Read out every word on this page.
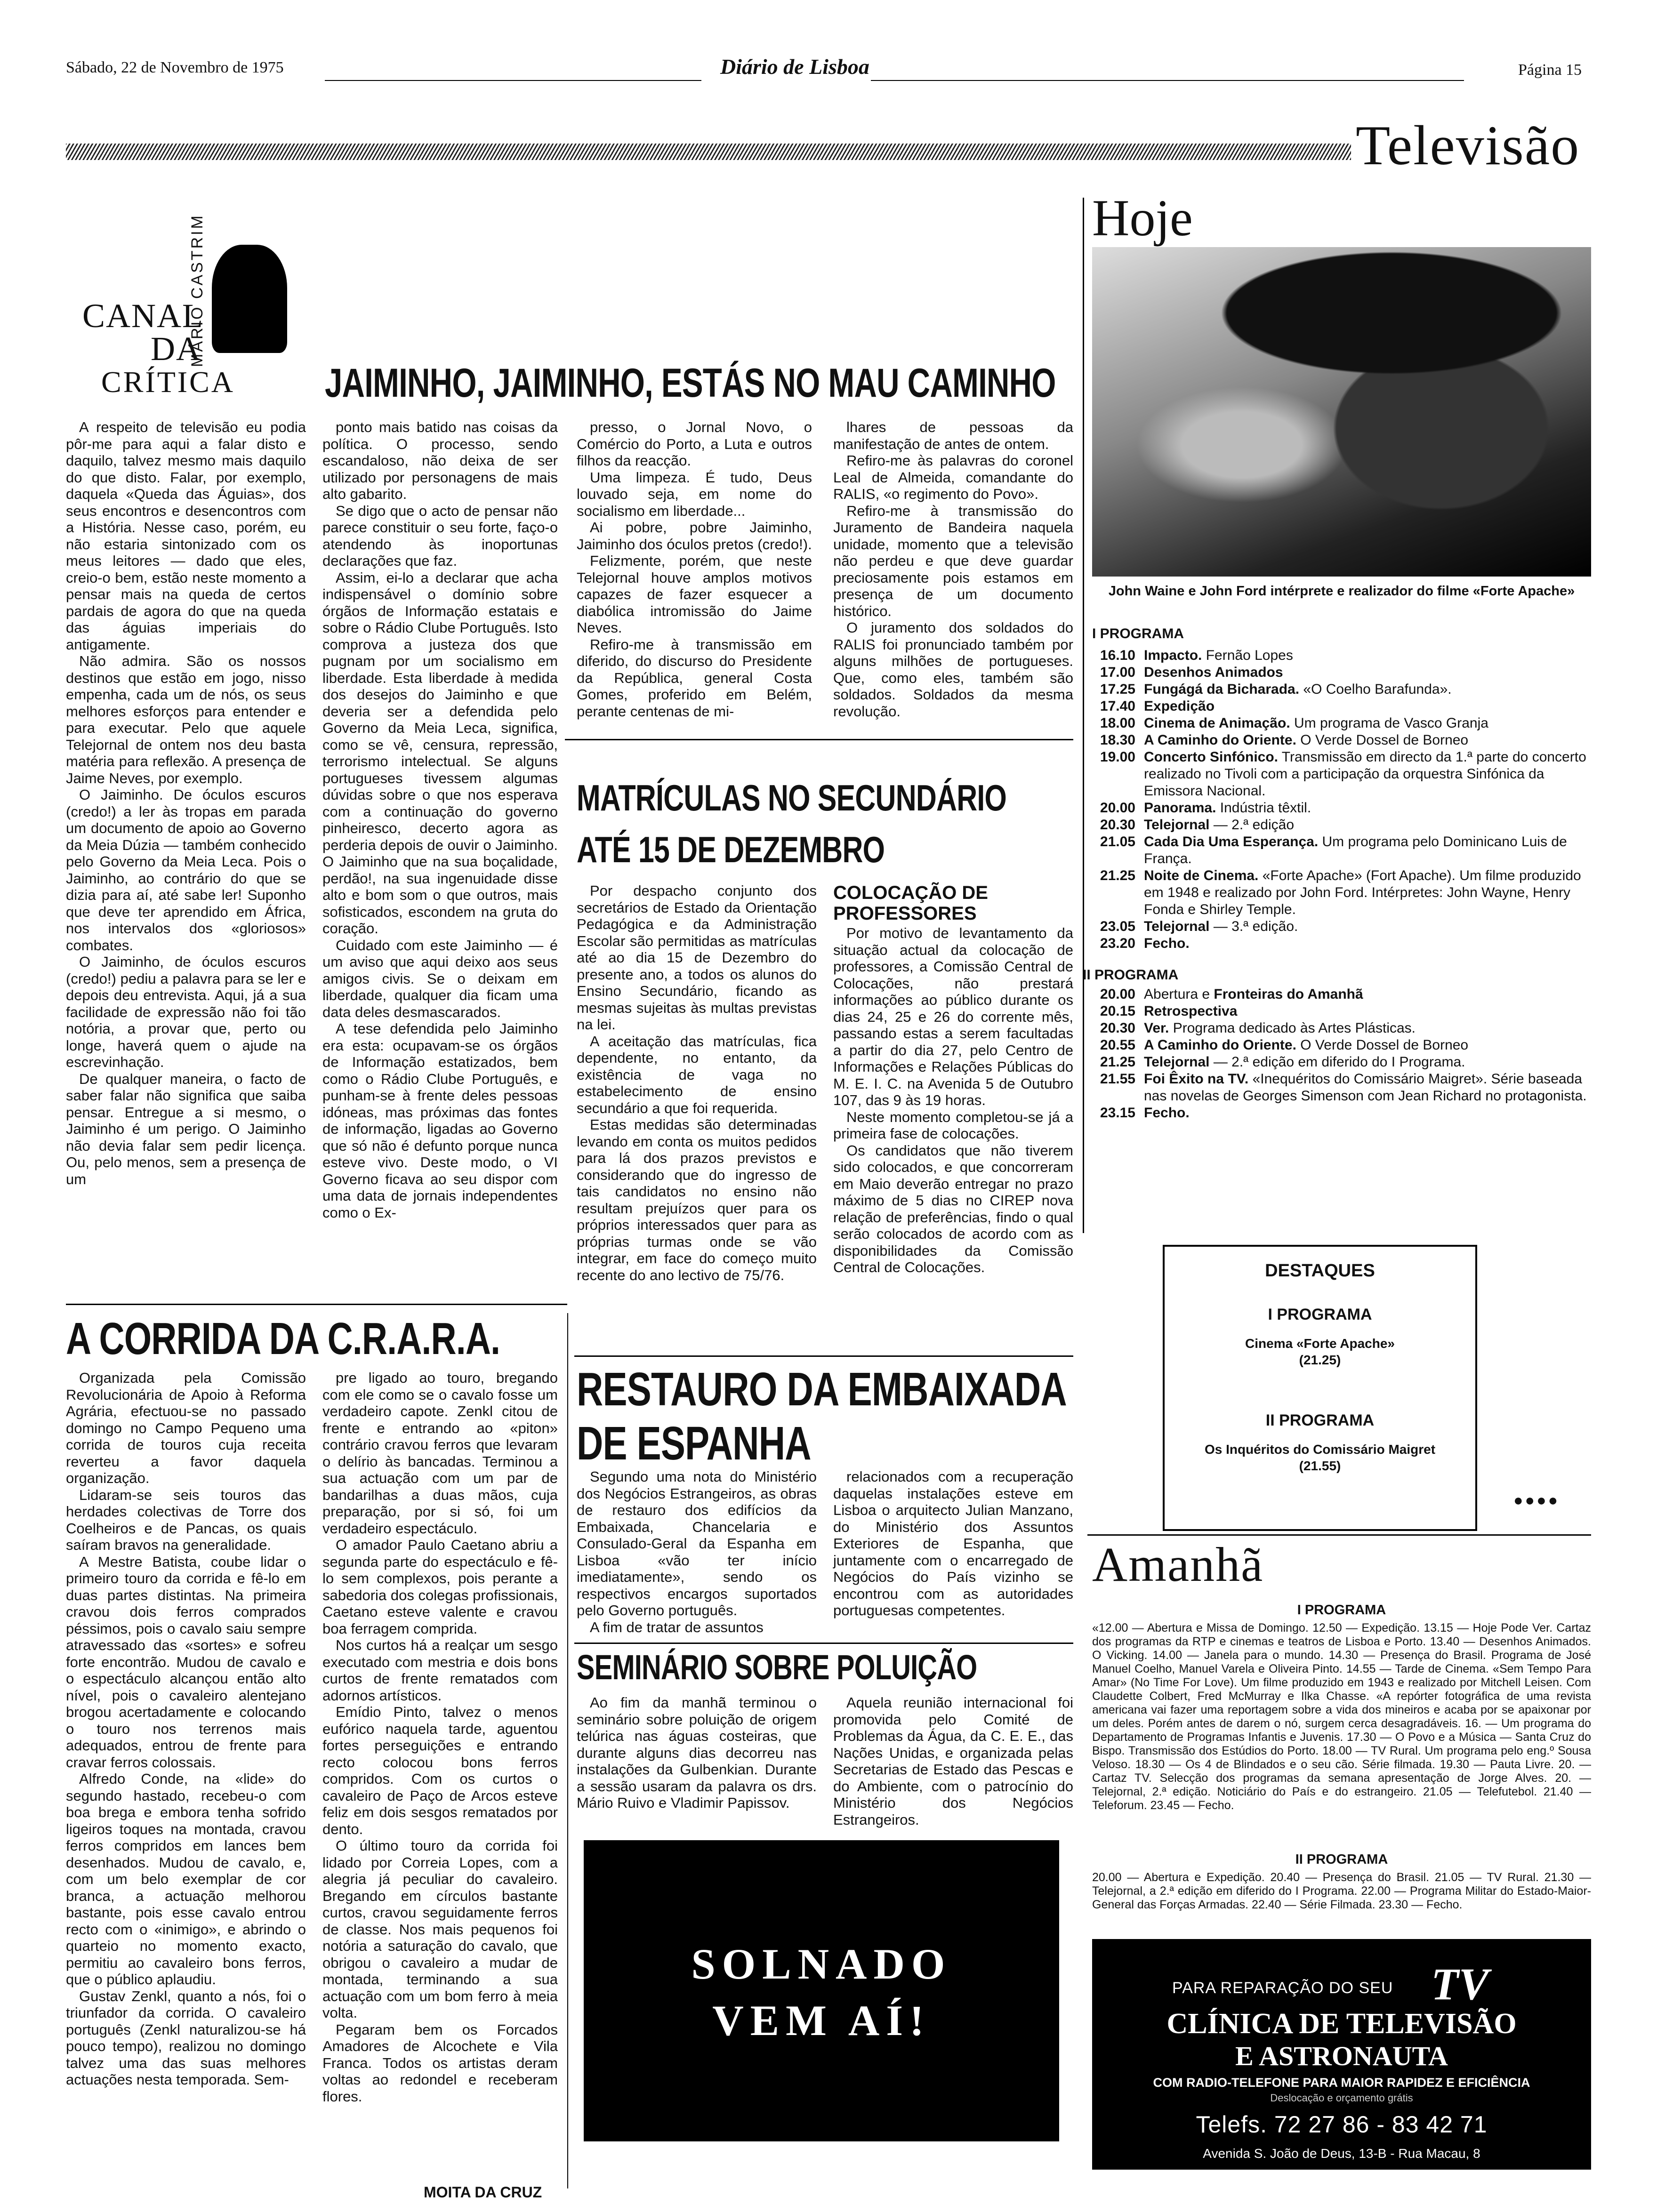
Sábado, 22 de Novembro de 1975	Diário de Lisboa	Página 15
Televisão
MÁRIO CASTRIM
CANAL
DA
CRÍTICA JAIMINHO, JAIMINHO, ESTÁS NO MAU CAMINHO

A respeito de televisão eu podia pôr-me para aqui a falar disto e daquilo, talvez mesmo mais daquilo do que disto. Falar, por exemplo, daquela «Queda das Águias», dos seus encontros e desencontros com a História. Nesse caso, porém, eu não estaria sintonizado com os meus leitores — dado que eles, creio-o bem, estão neste momento a pensar mais na queda de certos pardais de agora do que na queda das águias imperiais do antigamente.

Não admira. São os nossos destinos que estão em jogo, nisso empenha, cada um de nós, os seus melhores esforços para entender e para executar. Pelo que aquele Telejornal de ontem nos deu basta matéria para reflexão. A presença de Jaime Neves, por exemplo.

O Jaiminho. De óculos escuros (credo!) a ler às tropas em parada um documento de apoio ao Governo da Meia Dúzia — também conhecido pelo Governo da Meia Leca. Pois o Jaiminho, ao contrário do que se dizia para aí, até sabe ler! Suponho que deve ter aprendido em África, nos intervalos dos «gloriosos» combates.

O Jaiminho, de óculos escuros (credo!) pediu a palavra para se ler e depois deu entrevista. Aqui, já a sua facilidade de expressão não foi tão notória, a provar que, perto ou longe, haverá quem o ajude na escrevinhação.

De qualquer maneira, o facto de saber falar não significa que saiba pensar. Entregue a si mesmo, o Jaiminho é um perigo. O Jaiminho não devia falar sem pedir licença. Ou, pelo menos, sem a presença de um

ponto mais batido nas coisas da política. O processo, sendo escandaloso, não deixa de ser utilizado por personagens de mais alto gabarito.

Se digo que o acto de pensar não parece constituir o seu forte, faço-o atendendo às inoportunas declarações que faz.

Assim, ei-lo a declarar que acha indispensável o domínio sobre órgãos de Informação estatais e sobre o Rádio Clube Português. Isto comprova a justeza dos que pugnam por um socialismo em liberdade. Esta liberdade à medida dos desejos do Jaiminho e que deveria ser a defendida pelo Governo da Meia Leca, significa, como se vê, censura, repressão, terrorismo intelectual. Se alguns portugueses tivessem algumas dúvidas sobre o que nos esperava com a continuação do governo pinheiresco, decerto agora as perderia depois de ouvir o Jaiminho. O Jaiminho que na sua boçalidade, perdão!, na sua ingenuidade disse alto e bom som o que outros, mais sofisticados, escondem na gruta do coração.

Cuidado com este Jaiminho — é um aviso que aqui deixo aos seus amigos civis. Se o deixam em liberdade, qualquer dia ficam uma data deles desmascarados.

A tese defendida pelo Jaiminho era esta: ocupavam-se os órgãos de Informação estatizados, bem como o Rádio Clube Português, e punham-se à frente deles pessoas idóneas, mas próximas das fontes de informação, ligadas ao Governo que só não é defunto porque nunca esteve vivo. Deste modo, o VI Governo ficava ao seu dispor com uma data de jornais independentes como o Ex-

presso, o Jornal Novo, o Comércio do Porto, a Luta e outros filhos da reacção.

Uma limpeza. É tudo, Deus louvado seja, em nome do socialismo em liberdade...

Ai pobre, pobre Jaiminho, Jaiminho dos óculos pretos (credo!).

Felizmente, porém, que neste Telejornal houve amplos motivos capazes de fazer esquecer a diabólica intromissão do Jaime Neves.

Refiro-me à transmissão em diferido, do discurso do Presidente da República, general Costa Gomes, proferido em Belém, perante centenas de mi-

lhares de pessoas da manifestação de antes de ontem.

Refiro-me às palavras do coronel Leal de Almeida, comandante do RALIS, «o regimento do Povo».

Refiro-me à transmissão do Juramento de Bandeira naquela unidade, momento que a televisão não perdeu e que deve guardar preciosamente pois estamos em presença de um documento histórico.

O juramento dos soldados do RALIS foi pronunciado também por alguns milhões de portugueses. Que, como eles, também são soldados. Soldados da mesma revolução.

MATRÍCULAS NO SECUNDÁRIO
ATÉ 15 DE DEZEMBRO

Por despacho conjunto dos secretários de Estado da Orientação Pedagógica e da Administração Escolar são permitidas as matrículas até ao dia 15 de Dezembro do presente ano, a todos os alunos do Ensino Secundário, ficando as mesmas sujeitas às multas previstas na lei.

A aceitação das matrículas, fica dependente, no entanto, da existência de vaga no estabelecimento de ensino secundário a que foi requerida.

Estas medidas são determinadas levando em conta os muitos pedidos para lá dos prazos previstos e considerando que do ingresso de tais candidatos no ensino não resultam prejuízos quer para os próprios interessados quer para as próprias turmas onde se vão integrar, em face do começo muito recente do ano lectivo de 75/76.

COLOCAÇÃO DE
PROFESSORES

Por motivo de levantamento da situação actual da colocação de professores, a Comissão Central de Colocações, não prestará informações ao público durante os dias 24, 25 e 26 do corrente mês, passando estas a serem facultadas a partir do dia 27, pelo Centro de Informações e Relações Públicas do M. E. I. C. na Avenida 5 de Outubro 107, das 9 às 19 horas.

Neste momento completou-se já a primeira fase de colocações.

Os candidatos que não tiverem sido colocados, e que concorreram em Maio deverão entregar no prazo máximo de 5 dias no CIREP nova relação de preferências, findo o qual serão colocados de acordo com as disponibilidades da Comissão Central de Colocações.

A CORRIDA DA C.R.A.R.A.

Organizada pela Comissão Revolucionária de Apoio à Reforma Agrária, efectuou-se no passado domingo no Campo Pequeno uma corrida de touros cuja receita reverteu a favor daquela organização.

Lidaram-se seis touros das herdades colectivas de Torre dos Coelheiros e de Pancas, os quais saíram bravos na generalidade.

A Mestre Batista, coube lidar o primeiro touro da corrida e fê-lo em duas partes distintas. Na primeira cravou dois ferros comprados péssimos, pois o cavalo saiu sempre atravessado das «sortes» e sofreu forte encontrão. Mudou de cavalo e o espectáculo alcançou então alto nível, pois o cavaleiro alentejano brogou acertadamente e colocando o touro nos terrenos mais adequados, entrou de frente para cravar ferros colossais.

Alfredo Conde, na «lide» do segundo hastado, recebeu-o com boa brega e embora tenha sofrido ligeiros toques na montada, cravou ferros compridos em lances bem desenhados. Mudou de cavalo, e, com um belo exemplar de cor branca, a actuação melhorou bastante, pois esse cavalo entrou recto com o «inimigo», e abrindo o quarteio no momento exacto, permitiu ao cavaleiro bons ferros, que o público aplaudiu.

Gustav Zenkl, quanto a nós, foi o triunfador da corrida. O cavaleiro português (Zenkl naturalizou-se há pouco tempo), realizou no domingo talvez uma das suas melhores actuações nesta temporada. Sem-

pre ligado ao touro, bregando com ele como se o cavalo fosse um verdadeiro capote. Zenkl citou de frente e entrando ao «piton» contrário cravou ferros que levaram o delírio às bancadas. Terminou a sua actuação com um par de bandarilhas a duas mãos, cuja preparação, por si só, foi um verdadeiro espectáculo.

O amador Paulo Caetano abriu a segunda parte do espectáculo e fê-lo sem complexos, pois perante a sabedoria dos colegas profissionais, Caetano esteve valente e cravou boa ferragem comprida.

Nos curtos há a realçar um sesgo executado com mestria e dois bons curtos de frente rematados com adornos artísticos.

Emídio Pinto, talvez o menos eufórico naquela tarde, aguentou fortes perseguições e entrando recto colocou bons ferros compridos. Com os curtos o cavaleiro de Paço de Arcos esteve feliz em dois sesgos rematados por dento.

O último touro da corrida foi lidado por Correia Lopes, com a alegria já peculiar do cavaleiro. Bregando em círculos bastante curtos, cravou seguidamente ferros de classe. Nos mais pequenos foi notória a saturação do cavalo, que obrigou o cavaleiro a mudar de montada, terminando a sua actuação com um bom ferro à meia volta.

Pegaram bem os Forcados Amadores de Alcochete e Vila Franca. Todos os artistas deram voltas ao redondel e receberam flores.

MOITA DA CRUZ
RESTAURO DA EMBAIXADA
DE ESPANHA

Segundo uma nota do Ministério dos Negócios Estrangeiros, as obras de restauro dos edifícios da Embaixada, Chancelaria e Consulado-Geral da Espanha em Lisboa «vão ter início imediatamente», sendo os respectivos encargos suportados pelo Governo português.

A fim de tratar de assuntos

relacionados com a recuperação daquelas instalações esteve em Lisboa o arquitecto Julian Manzano, do Ministério dos Assuntos Exteriores de Espanha, que juntamente com o encarregado de Negócios do País vizinho se encontrou com as autoridades portuguesas competentes.

SEMINÁRIO SOBRE POLUIÇÃO

Ao fim da manhã terminou o seminário sobre poluição de origem telúrica nas águas costeiras, que durante alguns dias decorreu nas instalações da Gulbenkian. Durante a sessão usaram da palavra os drs. Mário Ruivo e Vladimir Papissov.

Aquela reunião internacional foi promovida pelo Comité de Problemas da Água, da C. E. E., das Nações Unidas, e organizada pelas Secretarias de Estado das Pescas e do Ambiente, com o patrocínio do Ministério dos Negócios Estrangeiros.

SOLNADO
VEM AÍ!
Hoje
John Waine e John Ford intérprete e realizador do filme «Forte Apache»
I PROGRAMA
16.10 Impacto. Fernão Lopes
17.00 Desenhos Animados
17.25 Fungágá da Bicharada. «O Coelho Barafunda».
17.40 Expedição
18.00 Cinema de Animação. Um programa de Vasco Granja
18.30 A Caminho do Oriente. O Verde Dossel de Borneo
19.00 Concerto Sinfónico. Transmissão em directo da 1.ª parte do concerto realizado no Tivoli com a participação da orquestra Sinfónica da Emissora Nacional.
20.00 Panorama. Indústria têxtil.
20.30 Telejornal — 2.ª edição
21.05 Cada Dia Uma Esperança. Um programa pelo Dominicano Luis de França.
21.25 Noite de Cinema. «Forte Apache» (Fort Apache). Um filme produzido em 1948 e realizado por John Ford. Intérpretes: John Wayne, Henry Fonda e Shirley Temple.
23.05 Telejornal — 3.ª edição.
23.20 Fecho.
II PROGRAMA
20.00 Abertura e Fronteiras do Amanhã
20.15 Retrospectiva
20.30 Ver. Programa dedicado às Artes Plásticas.
20.55 A Caminho do Oriente. O Verde Dossel de Borneo
21.25 Telejornal — 2.ª edição em diferido do I Programa.
21.55 Foi Êxito na TV. «Inequéritos do Comissário Maigret». Série baseada nas novelas de Georges Simenson com Jean Richard no protagonista.
23.15 Fecho.
DESTAQUES
I PROGRAMA
Cinema «Forte Apache»
(21.25)
II PROGRAMA
Os Inquéritos do Comissário Maigret
(21.55)
●●●●
Amanhã
I PROGRAMA
«12.00 — Abertura e Missa de Domingo. 12.50 — Expedição. 13.15 — Hoje Pode Ver. Cartaz dos programas da RTP e cinemas e teatros de Lisboa e Porto. 13.40 — Desenhos Animados. O Vicking. 14.00 — Janela para o mundo. 14.30 — Presença do Brasil. Programa de José Manuel Coelho, Manuel Varela e Oliveira Pinto. 14.55 — Tarde de Cinema. «Sem Tempo Para Amar» (No Time For Love). Um filme produzido em 1943 e realizado por Mitchell Leisen. Com Claudette Colbert, Fred McMurray e Ilka Chasse. «A repórter fotográfica de uma revista americana vai fazer uma reportagem sobre a vida dos mineiros e acaba por se apaixonar por um deles. Porém antes de darem o nó, surgem cerca desagradáveis. 16. — Um programa do Departamento de Programas Infantis e Juvenis. 17.30 — O Povo e a Música — Santa Cruz do Bispo. Transmissão dos Estúdios do Porto. 18.00 — TV Rural. Um programa pelo eng.º Sousa Veloso. 18.30 — Os 4 de Blindados e o seu cão. Série filmada. 19.30 — Pauta Livre. 20. — Cartaz TV. Selecção dos programas da semana apresentação de Jorge Alves. 20. — Telejornal, 2.ª edição. Noticiário do País e do estrangeiro. 21.05 — Telefutebol. 21.40 — Teleforum. 23.45 — Fecho.
II PROGRAMA
20.00 — Abertura e Expedição. 20.40 — Presença do Brasil. 21.05 — TV Rural. 21.30 — Telejornal, a 2.ª edição em diferido do I Programa. 22.00 — Programa Militar do Estado-Maior-General das Forças Armadas. 22.40 — Série Filmada. 23.30 — Fecho.
PARA REPARAÇÃO DO SEU TV
CLÍNICA DE TELEVISÃO
E ASTRONAUTA
COM RADIO-TELEFONE PARA MAIOR RAPIDEZ E EFICIÊNCIA
Deslocação e orçamento grátis
Telefs. 72 27 86 - 83 42 71
Avenida S. João de Deus, 13-B - Rua Macau, 8
